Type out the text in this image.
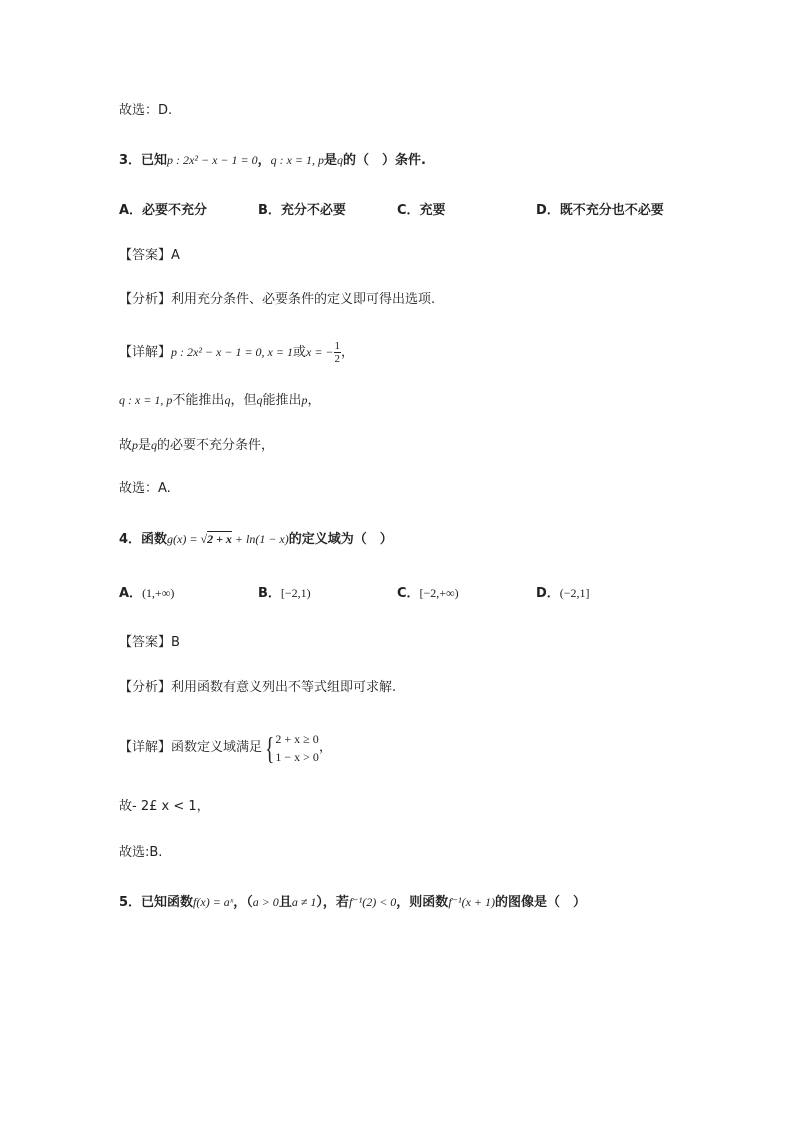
故选：D.
3．已知p : 2x² − x − 1 = 0，q : x = 1, p是q的（　）条件.
A．必要不充分	B．充分不必要	C．充要	D．既不充分也不必要
【答案】A
【分析】利用充分条件、必要条件的定义即可得出选项.
【详解】p : 2x² − x − 1 = 0, x = 1或x = − $\frac{1}{2}$ ，
q : x = 1, p不能推出q，但q能推出p，
故p是q的必要不充分条件，
故选：A.
4．函数g(x) = √2 + x + ln(1 − x)的定义域为（　）
A．(1,+∞)	B．[−2,1)	C．[−2,+∞)	D．(−2,1]
【答案】B
【分析】利用函数有意义列出不等式组即可求解.
【详解】函数定义域满足{ 2 + x ≥ 0
1 − x > 0
，
故- 2£ x < 1，
故选:B.
5．已知函数f(x) = aˣ，（a > 0且a ≠ 1），若f⁻¹(2) < 0，则函数f⁻¹(x + 1)的图像是（　）
